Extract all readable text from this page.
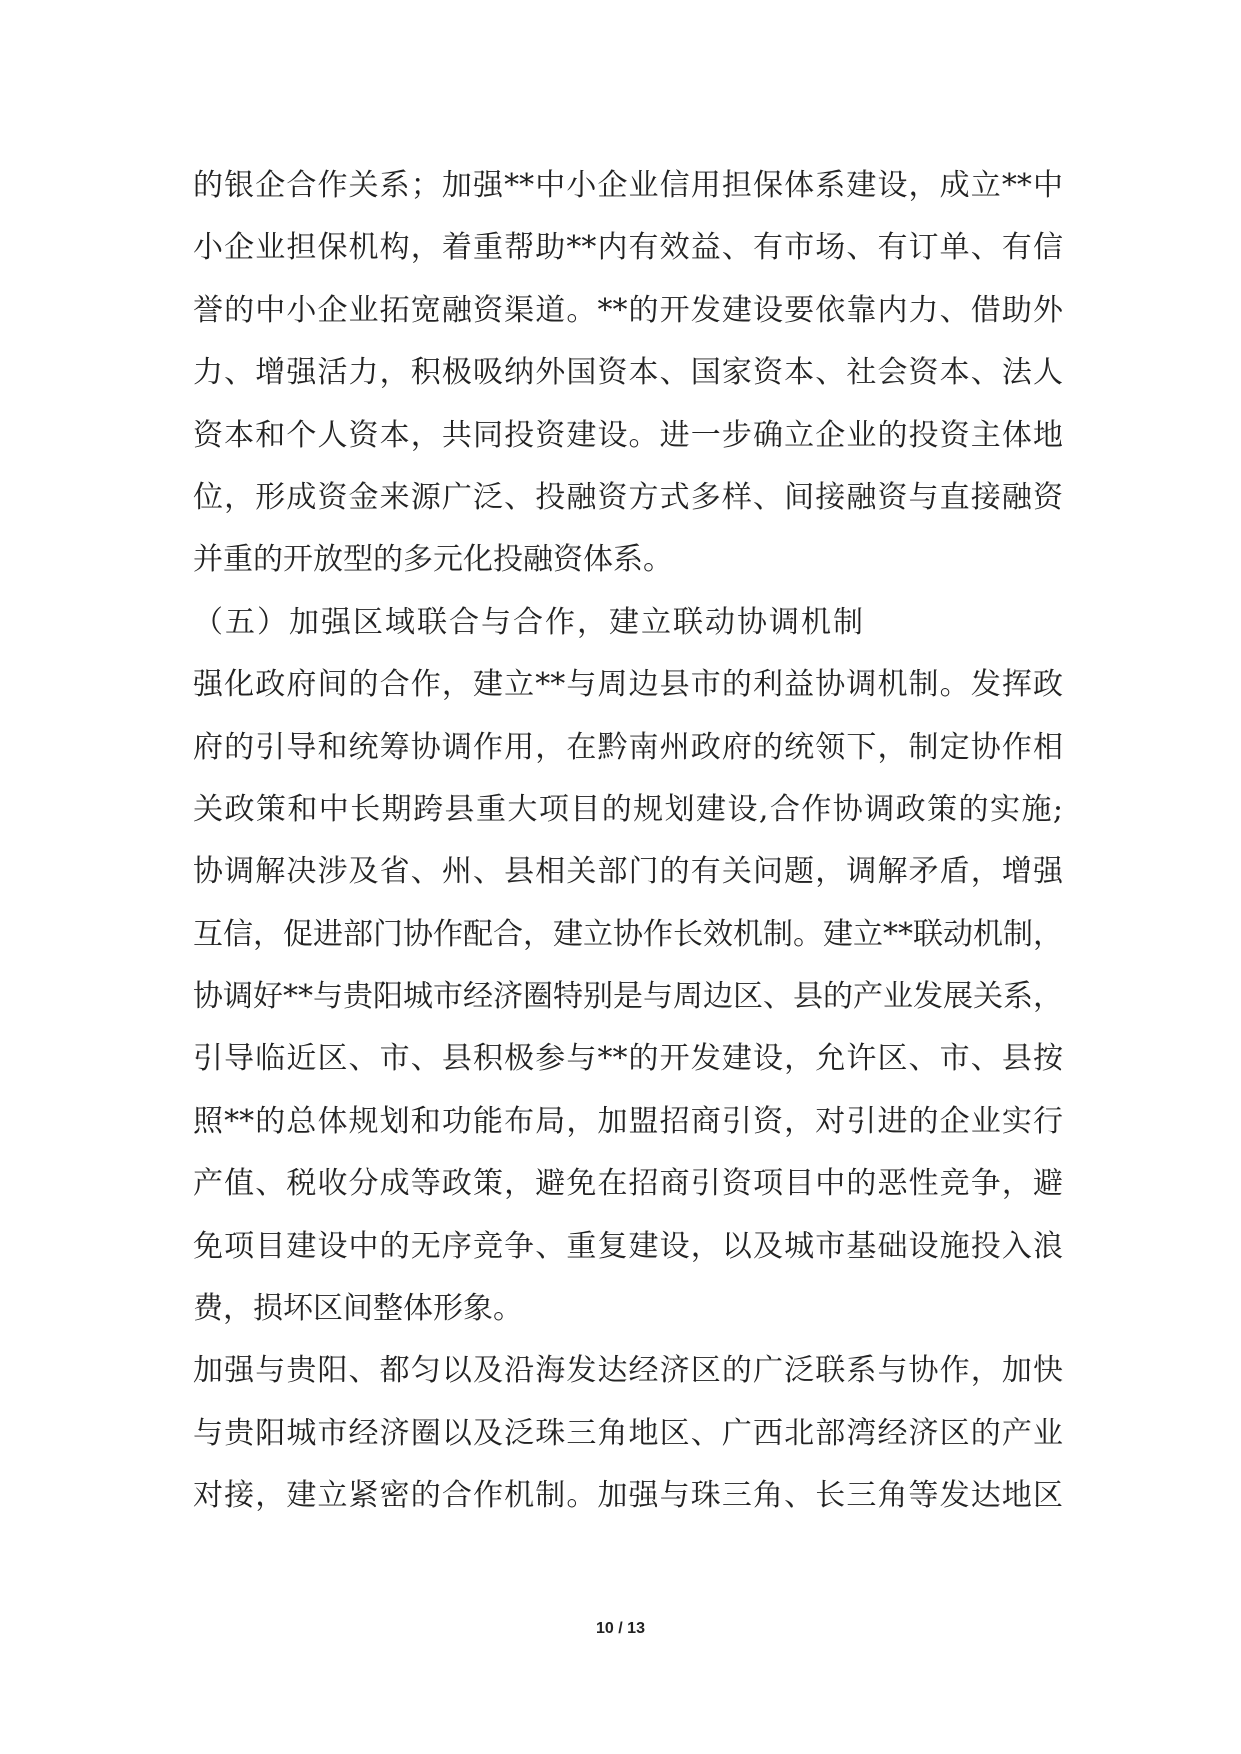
的银企合作关系；加强**中小企业信用担保体系建设，成立**中
小企业担保机构，着重帮助**内有效益、有市场、有订单、有信
誉的中小企业拓宽融资渠道。**的开发建设要依靠内力、借助外
力、增强活力，积极吸纳外国资本、国家资本、社会资本、法人
资本和个人资本，共同投资建设。进一步确立企业的投资主体地
位，形成资金来源广泛、投融资方式多样、间接融资与直接融资
并重的开放型的多元化投融资体系。
（五）加强区域联合与合作，建立联动协调机制
强化政府间的合作，建立**与周边县市的利益协调机制。发挥政
府的引导和统筹协调作用，在黔南州政府的统领下，制定协作相
关政策和中长期跨县重大项目的规划建设,合作协调政策的实施;
协调解决涉及省、州、县相关部门的有关问题，调解矛盾，增强
互信，促进部门协作配合，建立协作长效机制。建立**联动机制，
协调好**与贵阳城市经济圈特别是与周边区、县的产业发展关系，
引导临近区、市、县积极参与**的开发建设，允许区、市、县按
照**的总体规划和功能布局，加盟招商引资，对引进的企业实行
产值、税收分成等政策，避免在招商引资项目中的恶性竞争，避
免项目建设中的无序竞争、重复建设，以及城市基础设施投入浪
费，损坏区间整体形象。
加强与贵阳、都匀以及沿海发达经济区的广泛联系与协作，加快
与贵阳城市经济圈以及泛珠三角地区、广西北部湾经济区的产业
对接，建立紧密的合作机制。加强与珠三角、长三角等发达地区
10 / 13
